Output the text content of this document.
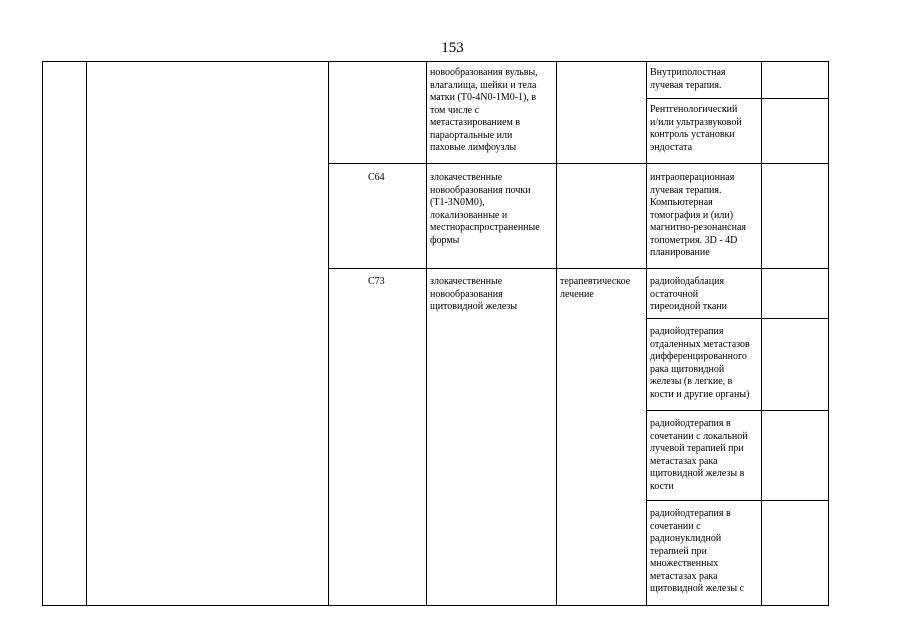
153
новообразования вульвы,
влагалища, шейки и тела
матки (T0-4N0-1M0-1), в
том числе с
метастазированием в
параортальные или
паховые лимфоузлы
Внутриполостная
лучевая терапия.
Рентгенологический
и/или ультразвуковой
контроль установки
эндостата
C64	злокачественные
новообразования почки
(T1-3N0M0),
локализованные и
местнораспространенные
формы
интраоперационная
лучевая терапия.
Компьютерная
томография и (или)
магнитно-резонансная
топометрия. 3D - 4D
планирование
C73	злокачественные
новообразования
щитовидной железы
терапевтическое
лечение
радиойодаблация
остаточной
тиреоидной ткани
радиойодтерапия
отдаленных метастазов
дифференцированного
рака щитовидной
железы (в легкие, в
кости и другие органы)
радиойодтерапия в
сочетании с локальной
лучевой терапией при
метастазах рака
щитовидной железы в
кости
радиойодтерапия в
сочетании с
радионуклидной
терапией при
множественных
метастазах рака
щитовидной железы с
